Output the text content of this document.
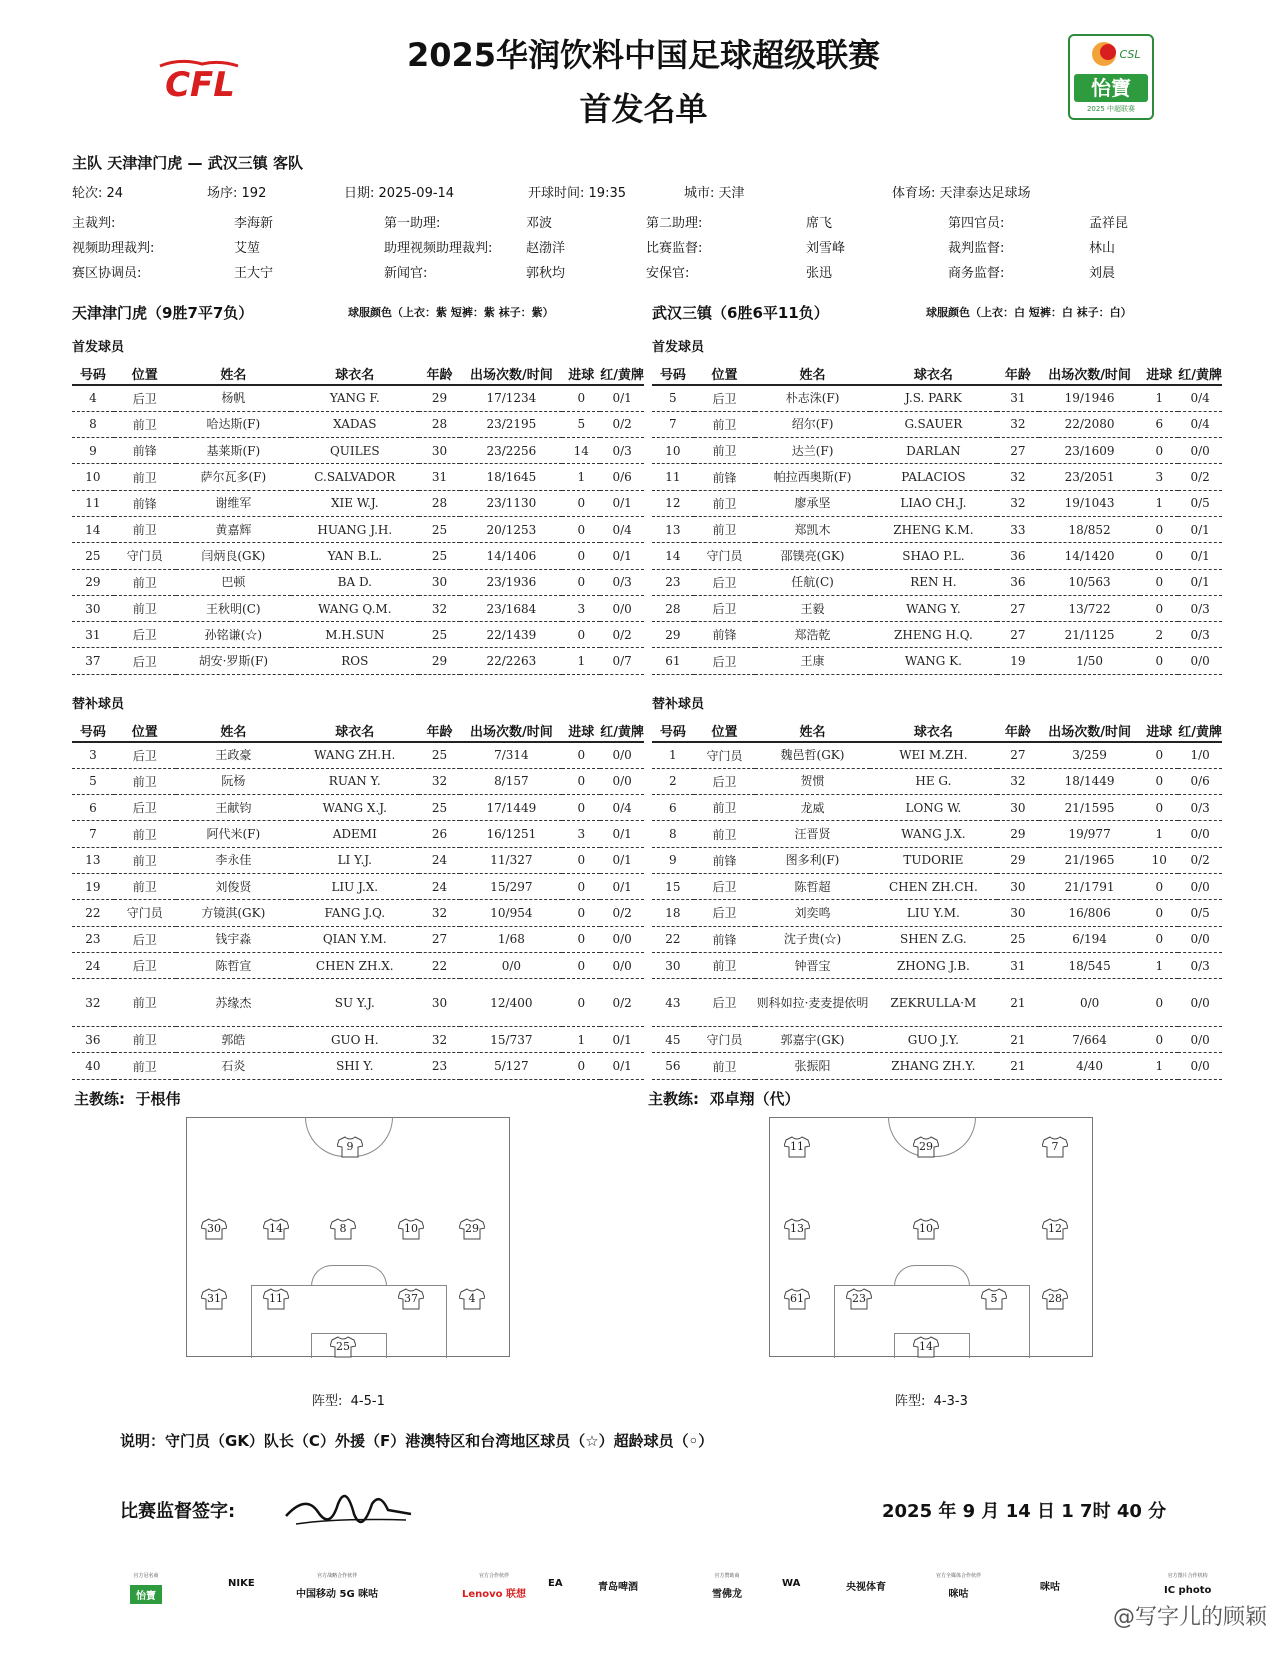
2025华润饮料中国足球超级联赛
首发名单
CFL
CSL
怡寶
2025 中超联赛
主队 天津津门虎 — 武汉三镇 客队
轮次: 24	场序: 192	日期: 2025-09-14	开球时间: 19:35	城市: 天津	体育场: 天津泰达足球场
主裁判:	李海新	第一助理:	邓波	第二助理:	席飞	第四官员:	孟祥昆
视频助理裁判:	艾堃	助理视频助理裁判:	赵渤洋	比赛监督:	刘雪峰	裁判监督:	林山
赛区协调员:	王大宁	新闻官:	郭秋均	安保官:	张迅	商务监督:	刘晨
天津津门虎（9胜7平7负）	球服颜色（上衣：紫 短裤：紫 袜子：紫）	武汉三镇（6胜6平11负）	球服颜色（上衣：白 短裤：白 袜子：白）
首发球员	首发球员
替补球员	替补球员
号码	位置	姓名	球衣名	年龄	出场次数/时间	进球	红/黄牌
4	后卫	杨帆	YANG F.	29	17/1234	0	0/1
8	前卫	哈达斯(F)	XADAS	28	23/2195	5	0/2
9	前锋	基莱斯(F)	QUILES	30	23/2256	14	0/3
10	前卫	萨尔瓦多(F)	C.SALVADOR	31	18/1645	1	0/6
11	前锋	谢维军	XIE W.J.	28	23/1130	0	0/1
14	前卫	黄嘉辉	HUANG J.H.	25	20/1253	0	0/4
25	守门员	闫炳良(GK)	YAN B.L.	25	14/1406	0	0/1
29	前卫	巴顿	BA D.	30	23/1936	0	0/3
30	前卫	王秋明(C)	WANG Q.M.	32	23/1684	3	0/0
31	后卫	孙铭谦(☆)	M.H.SUN	25	22/1439	0	0/2
37	后卫	胡安·罗斯(F)	ROS	29	22/2263	1	0/7
号码	位置	姓名	球衣名	年龄	出场次数/时间	进球	红/黄牌
5	后卫	朴志洙(F)	J.S. PARK	31	19/1946	1	0/4
7	前卫	绍尔(F)	G.SAUER	32	22/2080	6	0/4
10	前卫	达兰(F)	DARLAN	27	23/1609	0	0/0
11	前锋	帕拉西奥斯(F)	PALACIOS	32	23/2051	3	0/2
12	前卫	廖承坚	LIAO CH.J.	32	19/1043	1	0/5
13	前卫	郑凯木	ZHENG K.M.	33	18/852	0	0/1
14	守门员	邵镤亮(GK)	SHAO P.L.	36	14/1420	0	0/1
23	后卫	任航(C)	REN H.	36	10/563	0	0/1
28	后卫	王毅	WANG Y.	27	13/722	0	0/3
29	前锋	郑浩乾	ZHENG H.Q.	27	21/1125	2	0/3
61	后卫	王康	WANG K.	19	1/50	0	0/0
号码	位置	姓名	球衣名	年龄	出场次数/时间	进球	红/黄牌
3	后卫	王政豪	WANG ZH.H.	25	7/314	0	0/0
5	前卫	阮杨	RUAN Y.	32	8/157	0	0/0
6	后卫	王献钧	WANG X.J.	25	17/1449	0	0/4
7	前卫	阿代米(F)	ADEMI	26	16/1251	3	0/1
13	前卫	李永佳	LI Y.J.	24	11/327	0	0/1
19	前卫	刘俊贤	LIU J.X.	24	15/297	0	0/1
22	守门员	方镜淇(GK)	FANG J.Q.	32	10/954	0	0/2
23	后卫	钱宇淼	QIAN Y.M.	27	1/68	0	0/0
24	后卫	陈哲宣	CHEN ZH.X.	22	0/0	0	0/0
32	前卫	苏缘杰	SU Y.J.	30	12/400	0	0/2
36	前卫	郭皓	GUO H.	32	15/737	1	0/1
40	前卫	石炎	SHI Y.	23	5/127	0	0/1
号码	位置	姓名	球衣名	年龄	出场次数/时间	进球	红/黄牌
1	守门员	魏邑哲(GK)	WEI M.ZH.	27	3/259	0	1/0
2	后卫	贺惯	HE G.	32	18/1449	0	0/6
6	前卫	龙威	LONG W.	30	21/1595	0	0/3
8	前卫	汪晋贤	WANG J.X.	29	19/977	1	0/0
9	前锋	图多利(F)	TUDORIE	29	21/1965	10	0/2
15	后卫	陈哲超	CHEN ZH.CH.	30	21/1791	0	0/0
18	后卫	刘奕鸣	LIU Y.M.	30	16/806	0	0/5
22	前锋	沈子贵(☆)	SHEN Z.G.	25	6/194	0	0/0
30	前卫	钟晋宝	ZHONG J.B.	31	18/545	1	0/3
43	后卫	则科如拉·麦麦提依明	ZEKRULLA·M	21	0/0	0	0/0
45	守门员	郭嘉宇(GK)	GUO J.Y.	21	7/664	0	0/0
56	前卫	张振阳	ZHANG ZH.Y.	21	4/40	1	0/0
主教练: 于根伟	主教练: 邓卓翔（代）
9
30	14	8	10	29
31	11	37	4
25
11	29	7
13	10	12
61	23	5	28
14
阵型: 4-5-1	阵型: 4-3-3
说明：守门员（GK）队长（C）外援（F）港澳特区和台湾地区球员（☆）超龄球员（◦）
比赛监督签字:	2025 年 9 月 14 日 1 7时 40 分
官方冠名商
怡寶
NIKE
官方战略合作伙伴
中国移动 5G 咪咕
官方合作伙伴
Lenovo 联想
EA	青岛啤酒
官方赞助商
雪佛龙
WA	央视体育
官方全媒体合作伙伴
咪咕
咪咕
官方图片合作机构
IC photo
@写字儿的顾颖
